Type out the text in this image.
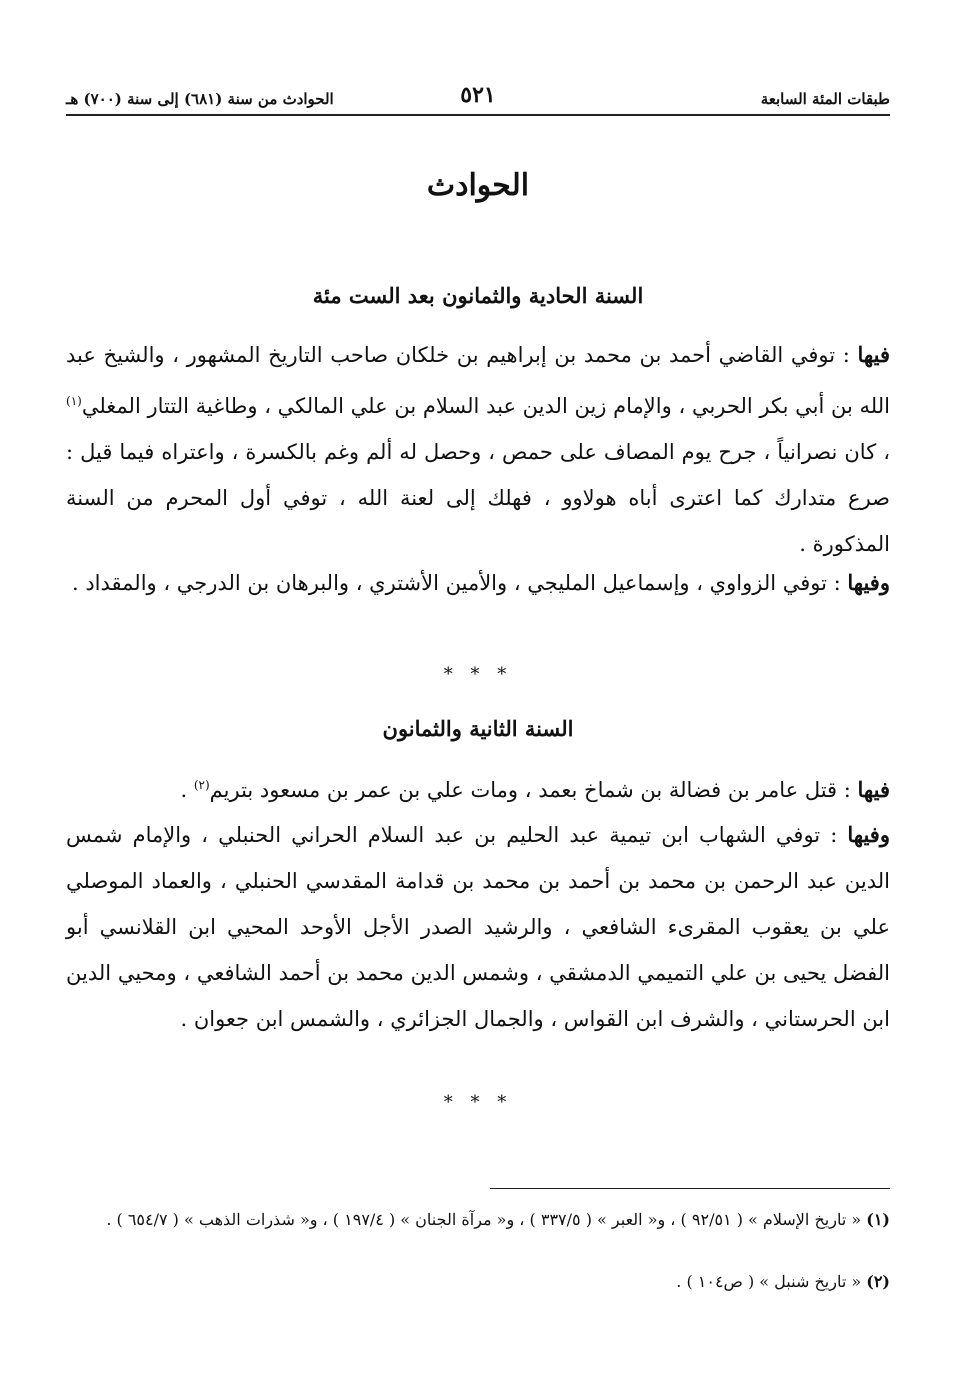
طبقات المئة السابعة
٥٢١
الحوادث من سنة (٦٨١) إلى سنة (٧٠٠) هـ
الحوادث
السنة الحادية والثمانون بعد الست مئة
فيها : توفي القاضي أحمد بن محمد بن إبراهيم بن خلكان صاحب التاريخ المشهور ، والشيخ عبد الله بن أبي بكر الحربي ، والإمام زين الدين عبد السلام بن علي المالكي ، وطاغية التتار المغلي$^{(١)}$ ، كان نصرانياً ، جرح يوم المصاف على حمص ، وحصل له ألم وغم بالكسرة ، واعتراه فيما قيل : صرع متدارك كما اعترى أباه هولاوو ، فهلك إلى لعنة الله ، توفي أول المحرم من السنة المذكورة .
وفيها : توفي الزواوي ، وإسماعيل المليجي ، والأمين الأشتري ، والبرهان بن الدرجي ، والمقداد .
* * *
السنة الثانية والثمانون
فيها : قتل عامر بن فضالة بن شماخ بعمد ، ومات علي بن عمر بن مسعود بتريم$^{(٢)}$ .
وفيها : توفي الشهاب ابن تيمية عبد الحليم بن عبد السلام الحراني الحنبلي ، والإمام شمس الدين عبد الرحمن بن محمد بن أحمد بن محمد بن قدامة المقدسي الحنبلي ، والعماد الموصلي علي بن يعقوب المقرىء الشافعي ، والرشيد الصدر الأجل الأوحد المحيي ابن القلانسي أبو الفضل يحيى بن علي التميمي الدمشقي ، وشمس الدين محمد بن أحمد الشافعي ، ومحيي الدين ابن الحرستاني ، والشرف ابن القواس ، والجمال الجزائري ، والشمس ابن جعوان .
* * *
(١) « تاريخ الإسلام » ( ٩٢/٥١ ) ، و« العبر » ( ٣٣٧/٥ ) ، و« مرآة الجنان » ( ١٩٧/٤ ) ، و« شذرات الذهب » ( ٦٥٤/٧ ) .
(٢) « تاريخ شنبل » ( ص١٠٤ ) .
